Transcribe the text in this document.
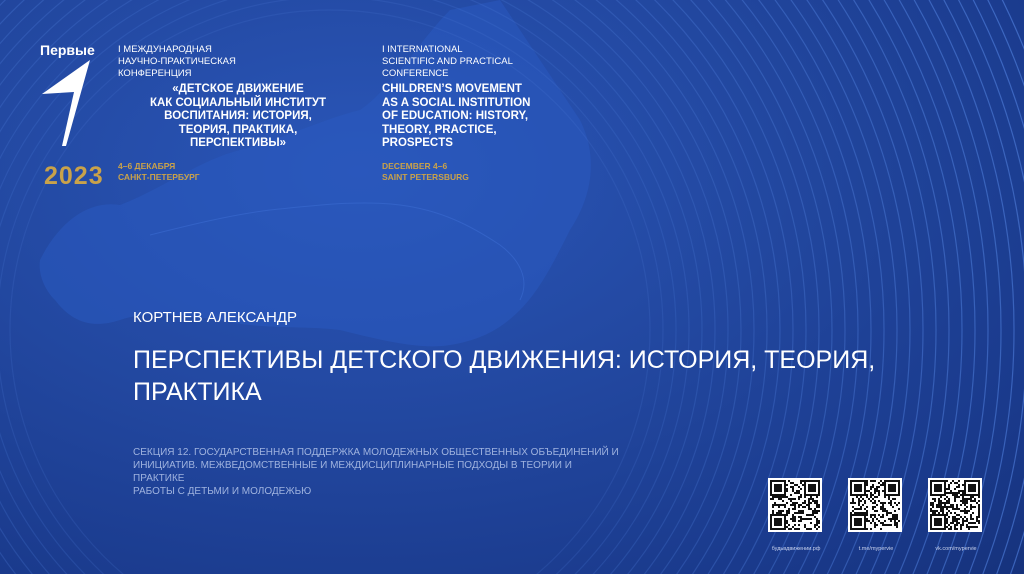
Первые
2023
I МЕЖДУНАРОДНАЯ
НАУЧНО-ПРАКТИЧЕСКАЯ
КОНФЕРЕНЦИЯ
«ДЕТСКОЕ ДВИЖЕНИЕ
КАК СОЦИАЛЬНЫЙ ИНСТИТУТ
ВОСПИТАНИЯ: ИСТОРИЯ,
ТЕОРИЯ, ПРАКТИКА,
ПЕРСПЕКТИВЫ»
4–6 ДЕКАБРЯ
САНКТ-ПЕТЕРБУРГ
I INTERNATIONAL
SCIENTIFIC AND PRACTICAL
CONFERENCE
CHILDREN’S MOVEMENT
AS A SOCIAL INSTITUTION
OF EDUCATION: HISTORY,
THEORY, PRACTICE,
PROSPECTS
DECEMBER 4–6
SAINT PETERSBURG
КОРТНЕВ АЛЕКСАНДР
ПЕРСПЕКТИВЫ ДЕТСКОГО ДВИЖЕНИЯ: ИСТОРИЯ, ТЕОРИЯ,
ПРАКТИКА
СЕКЦИЯ 12. ГОСУДАРСТВЕННАЯ ПОДДЕРЖКА МОЛОДЕЖНЫХ ОБЩЕСТВЕННЫХ ОБЪЕДИНЕНИЙ И
ИНИЦИАТИВ. МЕЖВЕДОМСТВЕННЫЕ И МЕЖДИСЦИПЛИНАРНЫЕ ПОДХОДЫ В ТЕОРИИ И ПРАКТИКЕ
РАБОТЫ С ДЕТЬМИ И МОЛОДЕЖЬЮ
будьвдвижении.рф	t.me/mypervie	vk.com/mypervie
